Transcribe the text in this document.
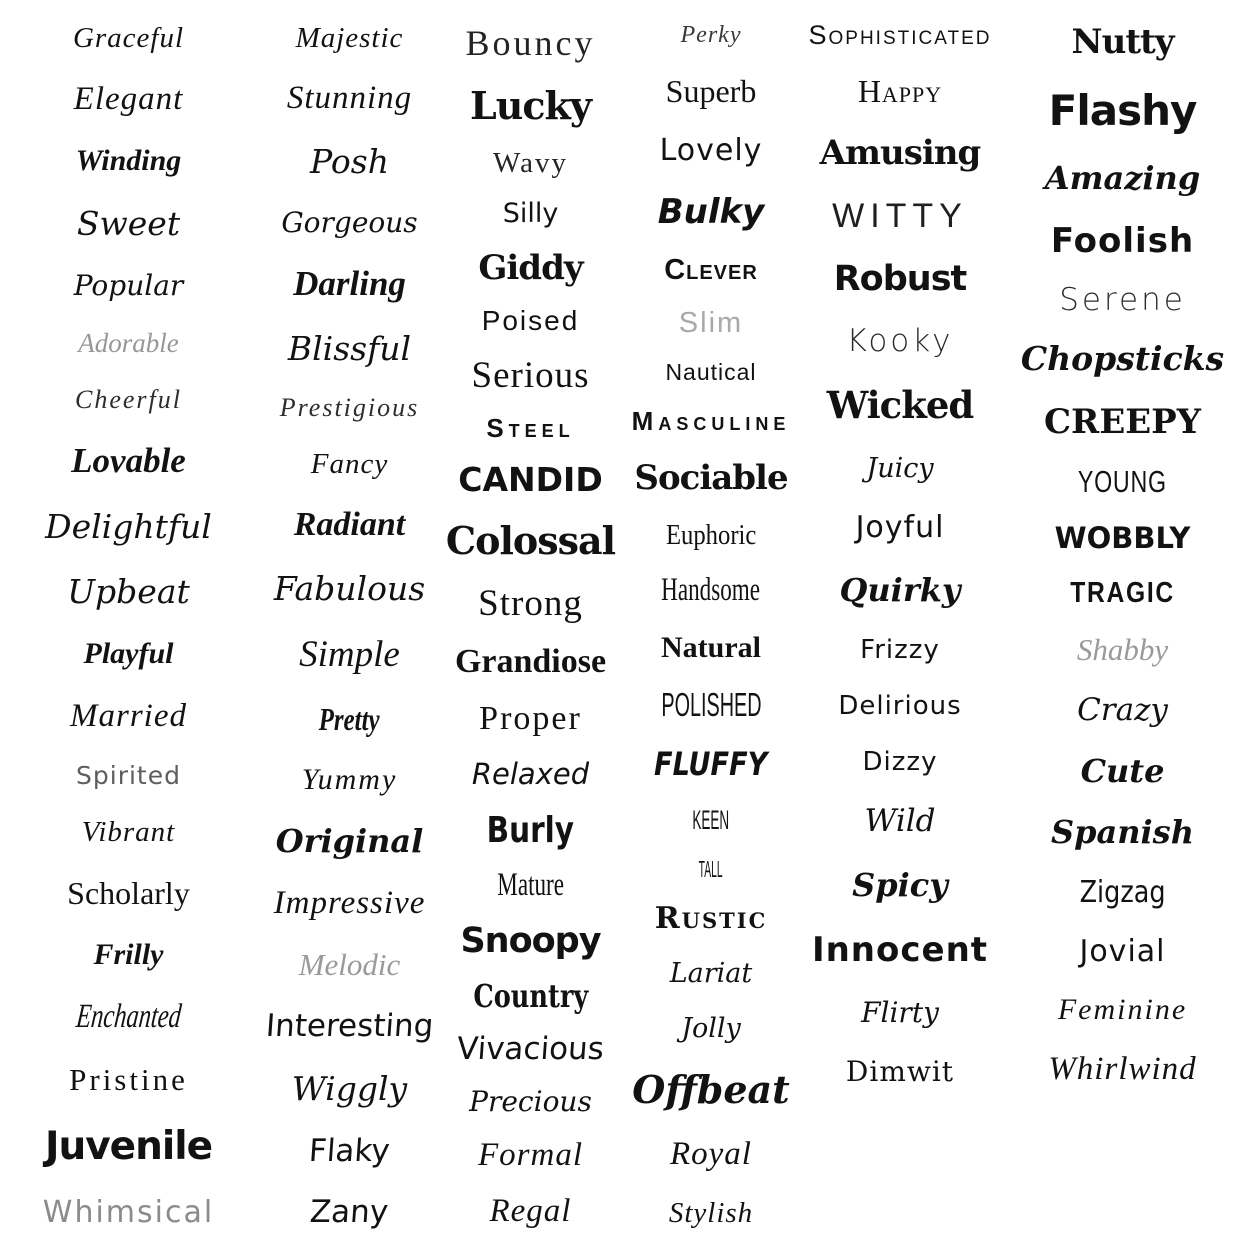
Graceful
Elegant
Winding
Sweet
Popular
Adorable
Cheerful
Lovable
Delightful
Upbeat
Playful
Married
Spirited
Vibrant
Scholarly
Frilly
Enchanted
Pristine
Juvenile
Whimsical
Majestic
Stunning
Posh
Gorgeous
Darling
Blissful
Prestigious
Fancy
Radiant
Fabulous
Simple
Pretty
Yummy
Original
Impressive
Melodic
Interesting
Wiggly
Flaky
Zany
Bouncy
Lucky
Wavy
Silly
Giddy
Poised
Serious
Steel
CANDID
Colossal
Strong
Grandiose
Proper
Relaxed
Burly
Mature
Snoopy
Country
Vivacious
Precious
Formal
Regal
Perky
Superb
Lovely
Bulky
Clever
Slim
Nautical
Masculine
Sociable
Euphoric
Handsome
Natural
POLISHED
FLUFFY
KEEN
TALL
Rustic
Lariat
Jolly
Offbeat
Royal
Stylish
Sophisticated
Happy
Amusing
WITTY
Robust
Kooky
Wicked
Juicy
Joyful
Quirky
Frizzy
Delirious
Dizzy
Wild
Spicy
Innocent
Flirty
Dimwit
Nutty
Flashy
Amazing
Foolish
Serene
Chopsticks
CREEPY
YOUNG
WOBBLY
TRAGIC
Shabby
Crazy
Cute
Spanish
Zigzag
Jovial
Feminine
Whirlwind
